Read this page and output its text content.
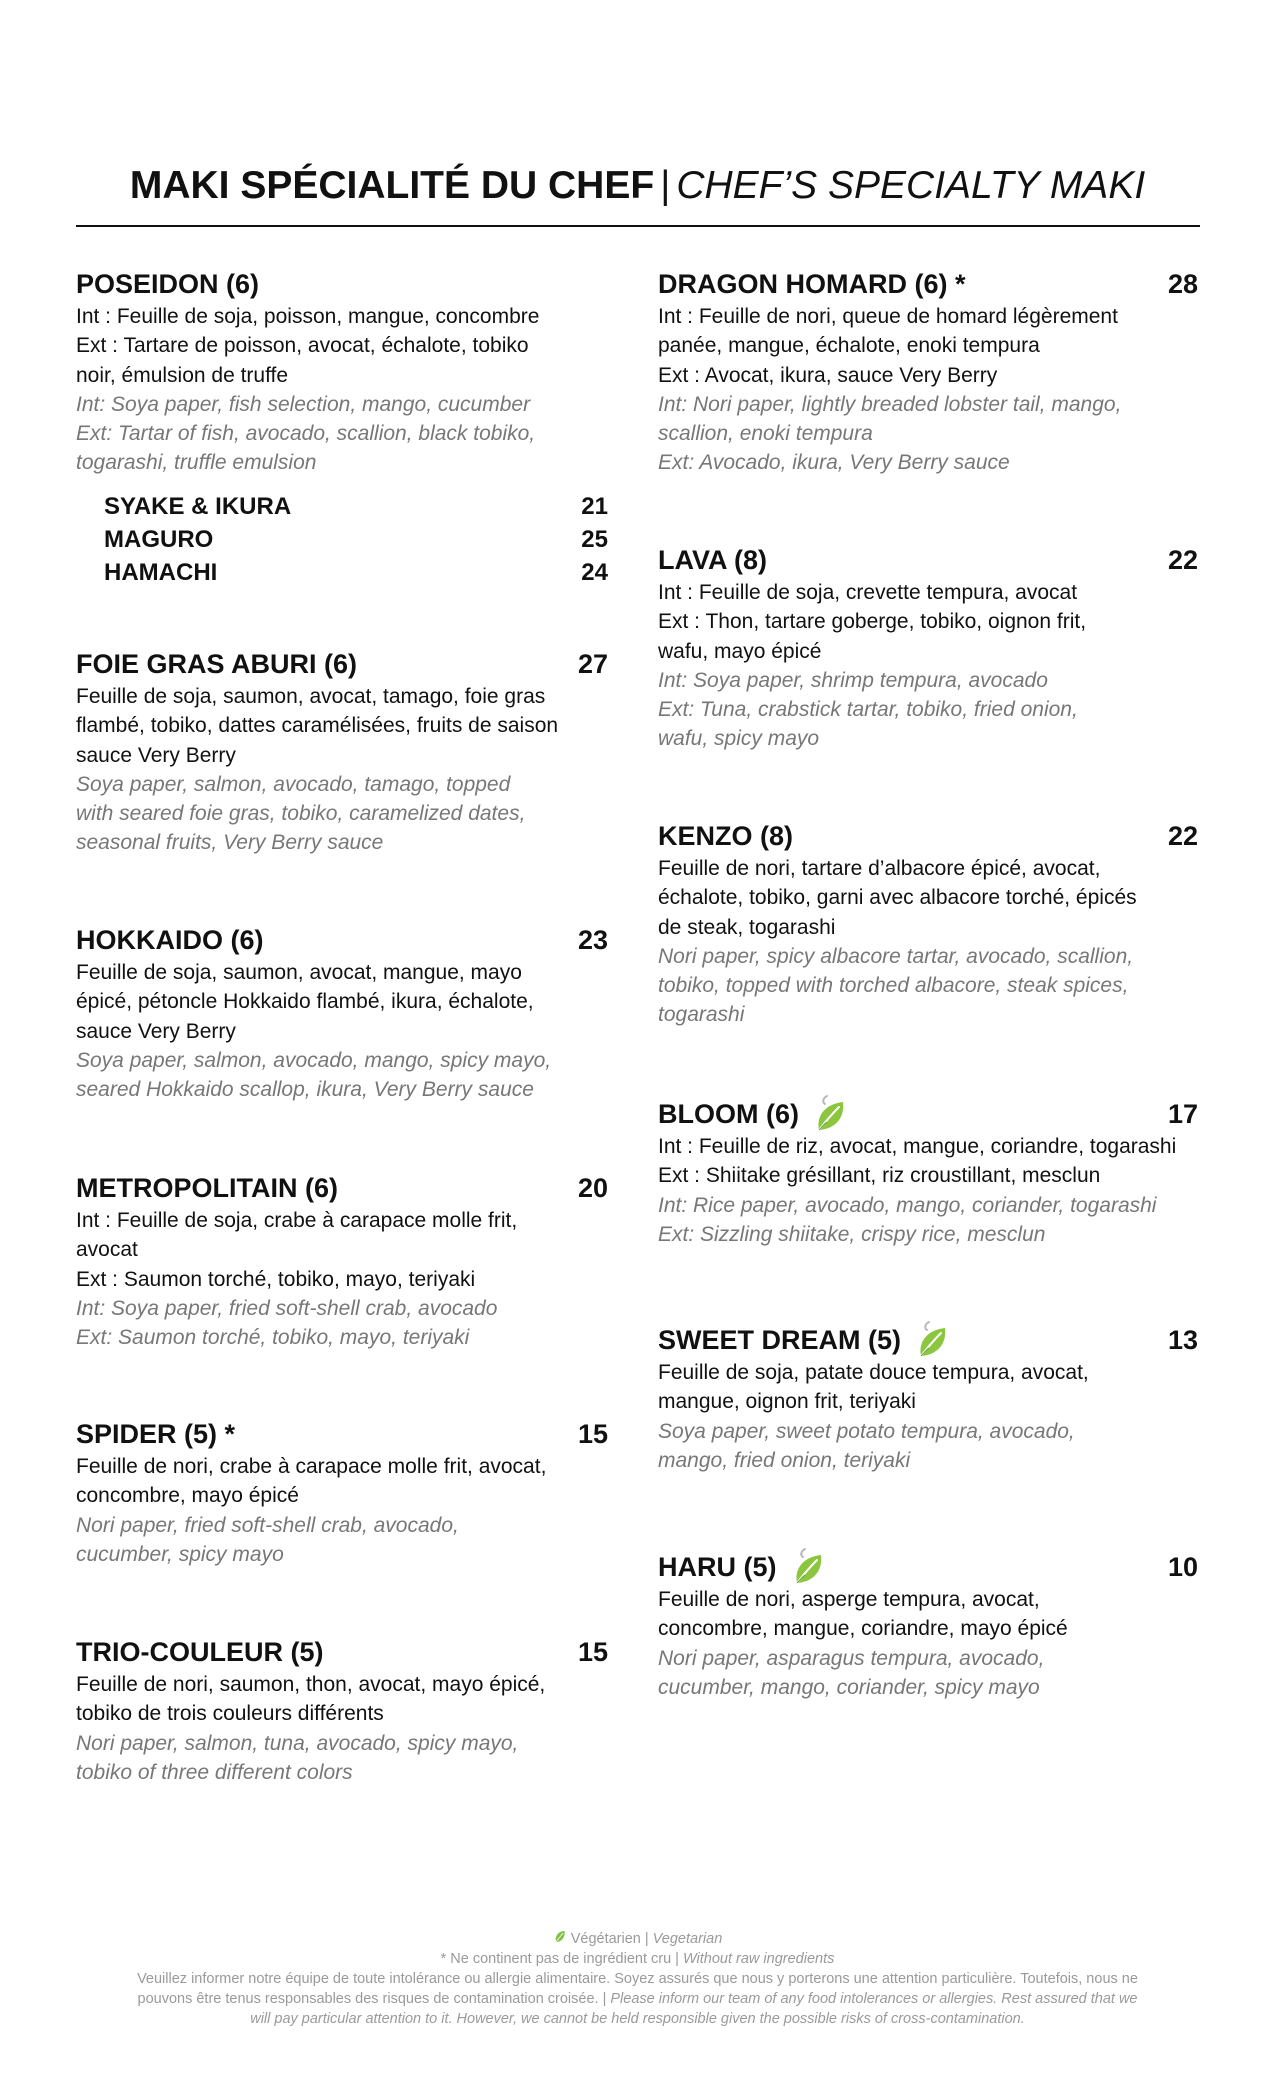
MAKI SPÉCIALITÉ DU CHEF | CHEF’S SPECIALTY MAKI
POSEIDON (6)
Int : Feuille de soja, poisson, mangue, concombre
Ext : Tartare de poisson, avocat, échalote, tobiko
noir, émulsion de truffe
Int: Soya paper, fish selection, mango, cucumber
Ext: Tartar of fish, avocado, scallion, black tobiko,
togarashi, truffle emulsion
SYAKE & IKURA	21
MAGURO	25
HAMACHI	24
FOIE GRAS ABURI (6)	27
Feuille de soja, saumon, avocat, tamago, foie gras
flambé, tobiko, dattes caramélisées, fruits de saison
sauce Very Berry
Soya paper, salmon, avocado, tamago, topped
with seared foie gras, tobiko, caramelized dates,
seasonal fruits, Very Berry sauce
HOKKAIDO (6)	23
Feuille de soja, saumon, avocat, mangue, mayo
épicé, pétoncle Hokkaido flambé, ikura, échalote,
sauce Very Berry
Soya paper, salmon, avocado, mango, spicy mayo,
seared Hokkaido scallop, ikura, Very Berry sauce
METROPOLITAIN (6)	20
Int : Feuille de soja, crabe à carapace molle frit,
avocat
Ext : Saumon torché, tobiko, mayo, teriyaki
Int: Soya paper, fried soft-shell crab, avocado
Ext: Saumon torché, tobiko, mayo, teriyaki
SPIDER (5) *	15
Feuille de nori, crabe à carapace molle frit, avocat,
concombre, mayo épicé
Nori paper, fried soft-shell crab, avocado,
cucumber, spicy mayo
TRIO-COULEUR (5)	15
Feuille de nori, saumon, thon, avocat, mayo épicé,
tobiko de trois couleurs différents
Nori paper, salmon, tuna, avocado, spicy mayo,
tobiko of three different colors
DRAGON HOMARD (6) *	28
Int : Feuille de nori, queue de homard légèrement
panée, mangue, échalote, enoki tempura
Ext : Avocat, ikura, sauce Very Berry
Int: Nori paper, lightly breaded lobster tail, mango,
scallion, enoki tempura
Ext: Avocado, ikura, Very Berry sauce
LAVA (8)	22
Int : Feuille de soja, crevette tempura, avocat
Ext : Thon, tartare goberge, tobiko, oignon frit,
wafu, mayo épicé
Int: Soya paper, shrimp tempura, avocado
Ext: Tuna, crabstick tartar, tobiko, fried onion,
wafu, spicy mayo
KENZO (8)	22
Feuille de nori, tartare d’albacore épicé, avocat,
échalote, tobiko, garni avec albacore torché, épicés
de steak, togarashi
Nori paper, spicy albacore tartar, avocado, scallion,
tobiko, topped with torched albacore, steak spices,
togarashi
BLOOM (6)	17
Int : Feuille de riz, avocat, mangue, coriandre, togarashi
Ext : Shiitake grésillant, riz croustillant, mesclun
Int: Rice paper, avocado, mango, coriander, togarashi
Ext: Sizzling shiitake, crispy rice, mesclun
SWEET DREAM (5)	13
Feuille de soja, patate douce tempura, avocat,
mangue, oignon frit, teriyaki
Soya paper, sweet potato tempura, avocado,
mango, fried onion, teriyaki
HARU (5)	10
Feuille de nori, asperge tempura, avocat,
concombre, mangue, coriandre, mayo épicé
Nori paper, asparagus tempura, avocado,
cucumber, mango, coriander, spicy mayo
Végétarien | Vegetarian
* Ne continent pas de ingrédient cru | Without raw ingredients
Veuillez informer notre équipe de toute intolérance ou allergie alimentaire. Soyez assurés que nous y porterons une attention particulière. Toutefois, nous ne
pouvons être tenus responsables des risques de contamination croisée. | Please inform our team of any food intolerances or allergies. Rest assured that we
will pay particular attention to it. However, we cannot be held responsible given the possible risks of cross-contamination.
